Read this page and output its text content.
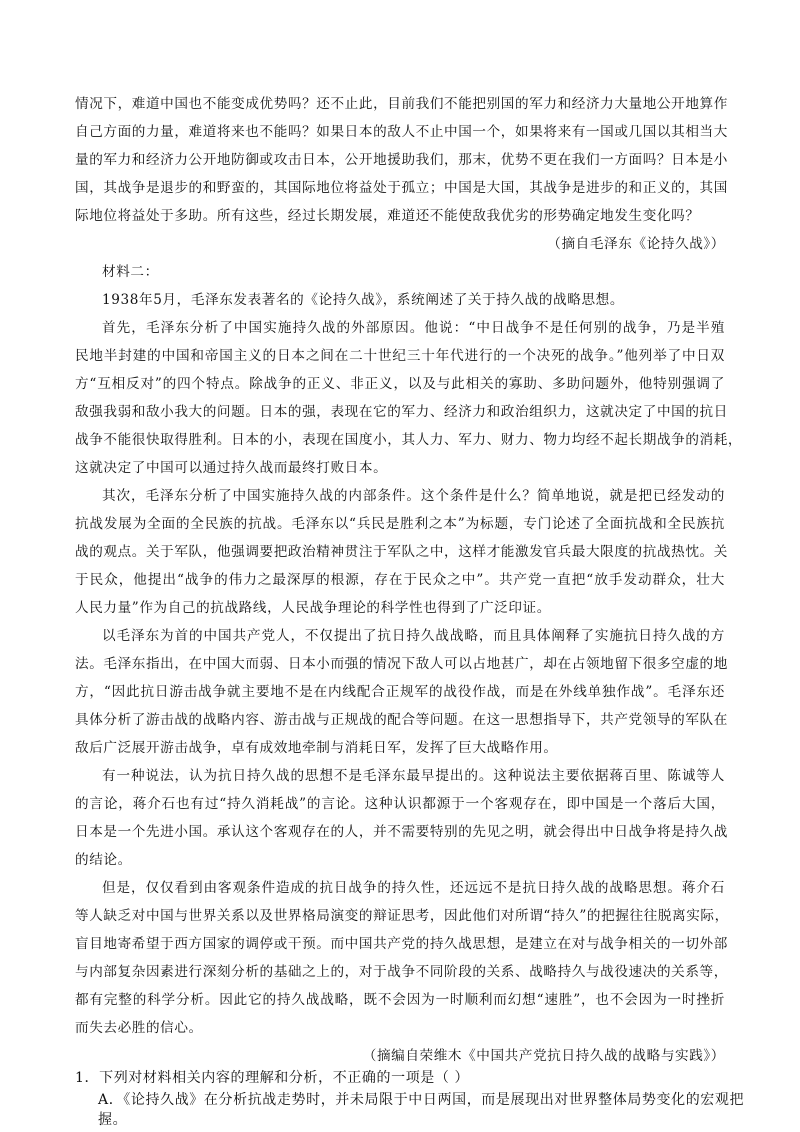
情况下，难道中国也不能变成优势吗？还不止此，目前我们不能把别国的军力和经济力大量地公开地算作
自己方面的力量，难道将来也不能吗？如果日本的敌人不止中国一个，如果将来有一国或几国以其相当大
量的军力和经济力公开地防御或攻击日本，公开地援助我们，那末，优势不更在我们一方面吗？日本是小
国，其战争是退步的和野蛮的，其国际地位将益处于孤立；中国是大国，其战争是进步的和正义的，其国
际地位将益处于多助。所有这些，经过长期发展，难道还不能使敌我优劣的形势确定地发生变化吗？
（摘自毛泽东《论持久战》）
材料二：
1938年5月，毛泽东发表著名的《论持久战》，系统阐述了关于持久战的战略思想。
首先，毛泽东分析了中国实施持久战的外部原因。他说：“中日战争不是任何别的战争，乃是半殖
民地半封建的中国和帝国主义的日本之间在二十世纪三十年代进行的一个决死的战争。”他列举了中日双
方“互相反对”的四个特点。除战争的正义、非正义，以及与此相关的寡助、多助问题外，他特别强调了
敌强我弱和敌小我大的问题。日本的强，表现在它的军力、经济力和政治组织力，这就决定了中国的抗日
战争不能很快取得胜利。日本的小，表现在国度小，其人力、军力、财力、物力均经不起长期战争的消耗，
这就决定了中国可以通过持久战而最终打败日本。
其次，毛泽东分析了中国实施持久战的内部条件。这个条件是什么？简单地说，就是把已经发动的
抗战发展为全面的全民族的抗战。毛泽东以“兵民是胜利之本”为标题，专门论述了全面抗战和全民族抗
战的观点。关于军队，他强调要把政治精神贯注于军队之中，这样才能激发官兵最大限度的抗战热忱。关
于民众，他提出“战争的伟力之最深厚的根源，存在于民众之中”。共产党一直把“放手发动群众，壮大
人民力量”作为自己的抗战路线，人民战争理论的科学性也得到了广泛印证。
以毛泽东为首的中国共产党人，不仅提出了抗日持久战战略，而且具体阐释了实施抗日持久战的方
法。毛泽东指出，在中国大而弱、日本小而强的情况下敌人可以占地甚广，却在占领地留下很多空虚的地
方，“因此抗日游击战争就主要地不是在内线配合正规军的战役作战，而是在外线单独作战”。毛泽东还
具体分析了游击战的战略内容、游击战与正规战的配合等问题。在这一思想指导下，共产党领导的军队在
敌后广泛展开游击战争，卓有成效地牵制与消耗日军，发挥了巨大战略作用。
有一种说法，认为抗日持久战的思想不是毛泽东最早提出的。这种说法主要依据蒋百里、陈诚等人
的言论，蒋介石也有过“持久消耗战”的言论。这种认识都源于一个客观存在，即中国是一个落后大国，
日本是一个先进小国。承认这个客观存在的人，并不需要特别的先见之明，就会得出中日战争将是持久战
的结论。
但是，仅仅看到由客观条件造成的抗日战争的持久性，还远远不是抗日持久战的战略思想。蒋介石
等人缺乏对中国与世界关系以及世界格局演变的辩证思考，因此他们对所谓“持久”的把握往往脱离实际，
盲目地寄希望于西方国家的调停或干预。而中国共产党的持久战思想，是建立在对与战争相关的一切外部
与内部复杂因素进行深刻分析的基础之上的，对于战争不同阶段的关系、战略持久与战役速决的关系等，
都有完整的科学分析。因此它的持久战战略，既不会因为一时顺利而幻想“速胜”，也不会因为一时挫折
而失去必胜的信心。
（摘编自荣维木《中国共产党抗日持久战的战略与实践》）
1．下列对材料相关内容的理解和分析，不正确的一项是（ ）
A．《论持久战》在分析抗战走势时，并未局限于中日两国，而是展现出对世界整体局势变化的宏观把
握。
